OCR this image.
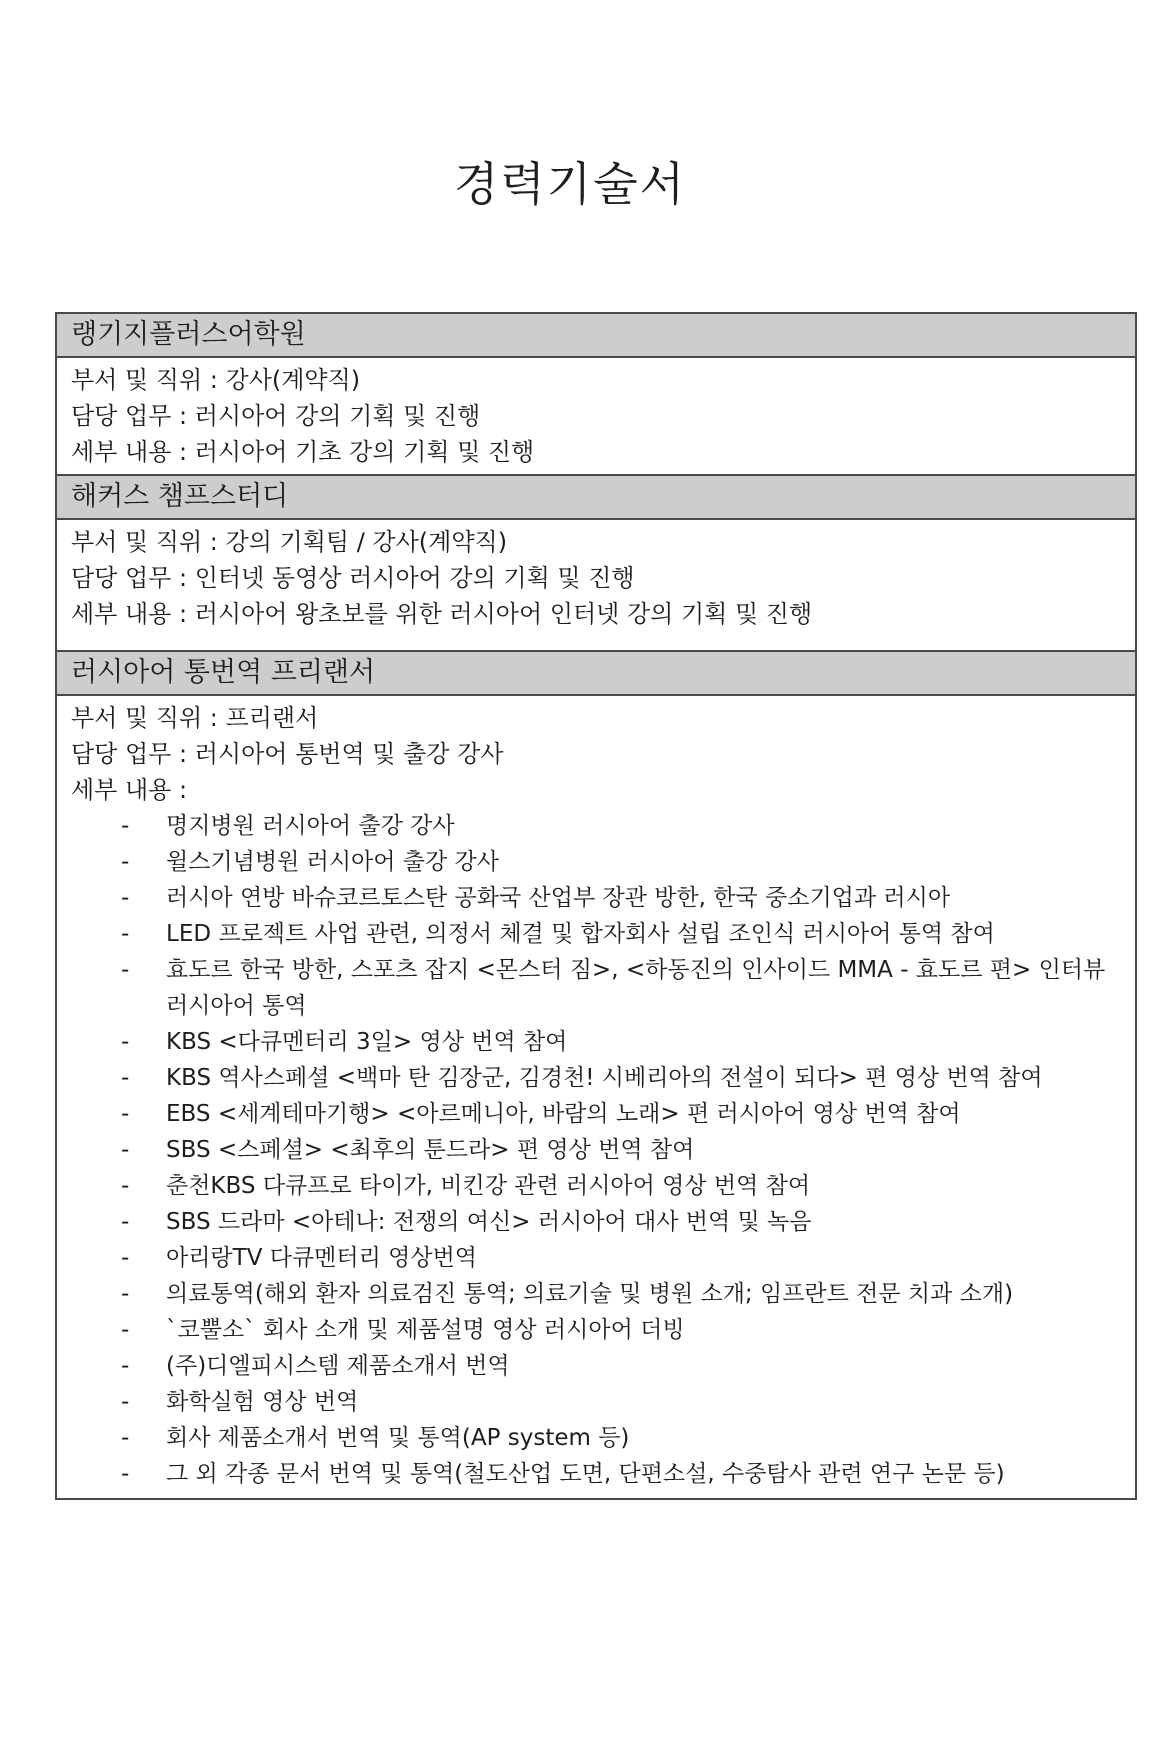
경력기술서
랭기지플러스어학원
부서 및 직위 : 강사(계약직)
담당 업무 : 러시아어 강의 기획 및 진행
세부 내용 : 러시아어 기초 강의 기획 및 진행
해커스 챔프스터디
부서 및 직위 : 강의 기획팀 / 강사(계약직)
담당 업무 : 인터넷 동영상 러시아어 강의 기획 및 진행
세부 내용 : 러시아어 왕초보를 위한 러시아어 인터넷 강의 기획 및 진행
러시아어 통번역 프리랜서
부서 및 직위 : 프리랜서
담당 업무 : 러시아어 통번역 및 출강 강사
세부 내용 :
- 명지병원 러시아어 출강 강사
- 윌스기념병원 러시아어 출강 강사
- 러시아 연방 바슈코르토스탄 공화국 산업부 장관 방한, 한국 중소기업과 러시아
- LED 프로젝트 사업 관련, 의정서 체결 및 합자회사 설립 조인식 러시아어 통역 참여
- 효도르 한국 방한, 스포츠 잡지 <몬스터 짐>, <하동진의 인사이드 MMA - 효도르 편> 인터뷰 러시아어 통역
- KBS <다큐멘터리 3일> 영상 번역 참여
- KBS 역사스페셜 <백마 탄 김장군, 김경천! 시베리아의 전설이 되다> 편 영상 번역 참여
- EBS <세계테마기행> <아르메니아, 바람의 노래> 편 러시아어 영상 번역 참여
- SBS <스페셜> <최후의 툰드라> 편 영상 번역 참여
- 춘천KBS 다큐프로 타이가, 비킨강 관련 러시아어 영상 번역 참여
- SBS 드라마 <아테나: 전쟁의 여신> 러시아어 대사 번역 및 녹음
- 아리랑TV 다큐멘터리 영상번역
- 의료통역(해외 환자 의료검진 통역; 의료기술 및 병원 소개; 임프란트 전문 치과 소개)
- `코뿔소` 회사 소개 및 제품설명 영상 러시아어 더빙
- (주)디엘피시스템 제품소개서 번역
- 화학실험 영상 번역
- 회사 제품소개서 번역 및 통역(AP system 등)
- 그 외 각종 문서 번역 및 통역(철도산업 도면, 단편소설, 수중탐사 관련 연구 논문 등)
